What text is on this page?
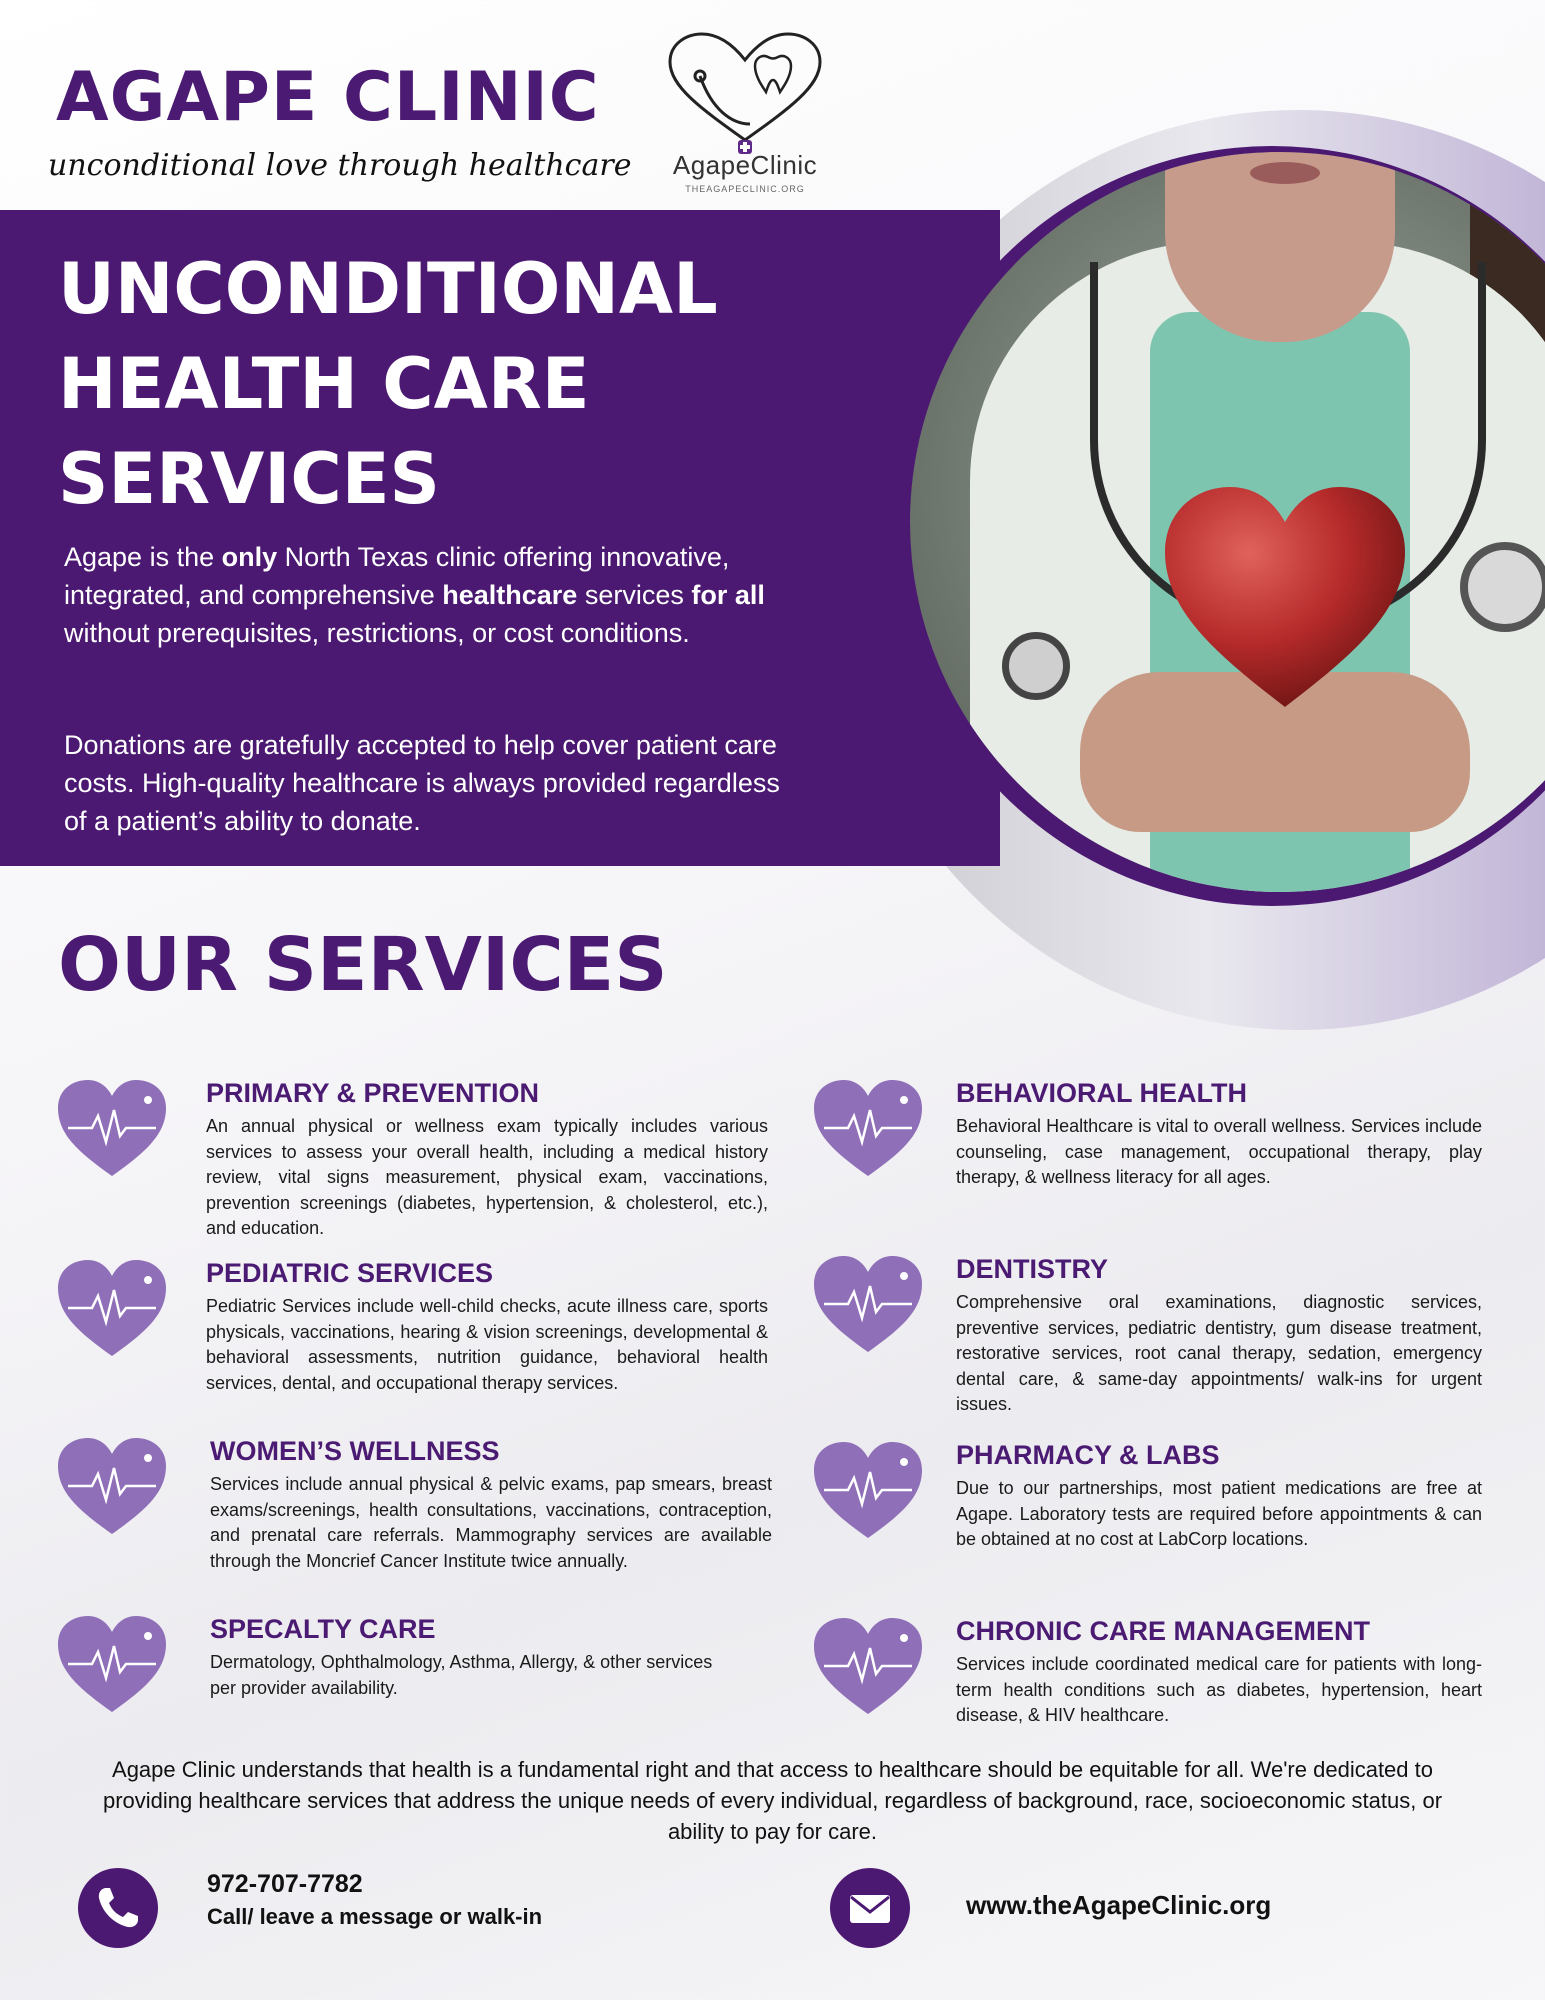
AGAPE CLINIC
unconditional love through healthcare	AgapeClinic
THEAGAPECLINIC.ORG
UNCONDITIONAL
HEALTH CARE
SERVICES

Agape is the only North Texas clinic offering innovative, integrated, and comprehensive healthcare services for all without prerequisites, restrictions, or cost conditions.

Donations are gratefully accepted to help cover patient care costs. High-quality healthcare is always provided regardless of a patient’s ability to donate.

OUR SERVICES
PRIMARY & PREVENTION

An annual physical or wellness exam typically includes various services to assess your overall health, including a medical history review, vital signs measurement, physical exam, vaccinations, prevention screenings (diabetes, hypertension, & cholesterol, etc.), and education.

PEDIATRIC SERVICES

Pediatric Services include well-child checks, acute illness care, sports physicals, vaccinations, hearing & vision screenings, developmental & behavioral assessments, nutrition guidance, behavioral health services, dental, and occupational therapy services.

WOMEN’S WELLNESS

Services include annual physical & pelvic exams, pap smears, breast exams/screenings, health consultations, vaccinations, contraception, and prenatal care referrals. Mammography services are available through the Moncrief Cancer Institute twice annually.

SPECALTY CARE

Dermatology, Ophthalmology, Asthma, Allergy, & other services per provider availability.

BEHAVIORAL HEALTH

Behavioral Healthcare is vital to overall wellness. Services include counseling, case management, occupational therapy, play therapy, & wellness literacy for all ages.

DENTISTRY

Comprehensive oral examinations, diagnostic services, preventive services, pediatric dentistry, gum disease treatment, restorative services, root canal therapy, sedation, emergency dental care, & same-day appointments/ walk-ins for urgent issues.

PHARMACY & LABS

Due to our partnerships, most patient medications are free at Agape. Laboratory tests are required before appointments & can be obtained at no cost at LabCorp locations.

CHRONIC CARE MANAGEMENT

Services include coordinated medical care for patients with long-term health conditions such as diabetes, hypertension, heart disease, & HIV healthcare.

Agape Clinic understands that health is a fundamental right and that access to healthcare should be equitable for all. We're dedicated to providing healthcare services that address the unique needs of every individual, regardless of background, race, socioeconomic status, or ability to pay for care.

972-707-7782
Call/ leave a message or walk-in	www.theAgapeClinic.org
